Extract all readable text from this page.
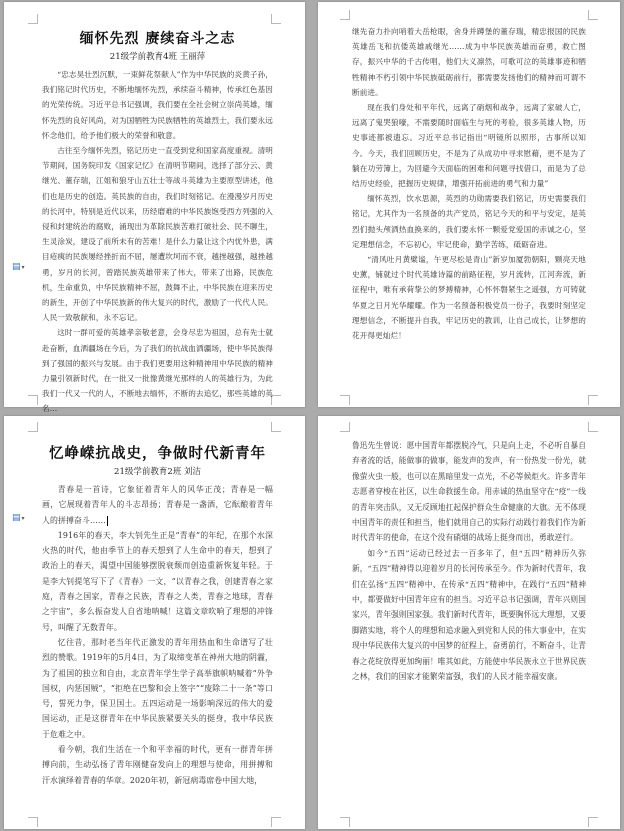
缅怀先烈 赓续奋斗之志
21级学前教育4班 王丽萍

“忠志昊壮烈沉默，一束鲜花祭献人”作为中华民族的炎黄子孙，我们铭记时代历史，不断地缅怀先烈，承续奋斗精神，传承红色基因的光荣传统。习近平总书记强调，我们要在全社会树立崇尚英雄，缅怀先烈的良好风尚，对为国牺牲为民族牺牲的英雄烈士，我们要永远怀念他们，给予他们极大的荣誉和敬意。

古往至今缅怀先烈，铭记历史一直受到党和国家高度重视。清明节期间，国务院印发《国家记忆》在清明节期间，选择了部分云、黄继光、董存瑞，江姐和狼牙山五壮士等战斗英雄为主要原型讲述，他们也是历史的创造。英民族的自由，我们时刻铭记。在漫漫岁月历史的长河中，特别是近代以来，历经磨难的中华民族饱受西方列强的入侵和封建统治的腐败，涌现出为革除民族苦难打破社会、民不聊生，生灵涂炭，建设了前所未有的苦难！是什么力量让这个内忧外患，满目疮痍的民族屡经挫折而不屈，屡遭坎坷而不衰，越挫越强，越挫越勇，岁月的长河，曾踏民族英雄带来了伟大，带来了出路，民族危机，生命重负，中华民族精神不屈，鼓舞不止，中华民族在迎来历史的新生，开创了中华民族新的伟大复兴的时代，激励了一代代人民。人民一致敬献和，永不忘记。

这时一群可爱的英雄孝亲敬老意，会身尽忠为祖国，总有先士就赴奋断，血洒疆场在今后，为了我们的抗战血洒疆场，使中华民族得到了强国的振兴与发展。由于我们更要用这种精神用中华民族的精神力量引领新时代，在一批又一批像黄继光那样的人的英雄行为，为此我们一代又一代的人，不断地去缅怀，不断的去追忆，那些英雄的英名...

▤▾

继先奋力扑向哨着大岳枪眼，舍身并蹲堡的董存瑞，精忠报国的民族英雄岳飞和抗倭英雄戚继光……成为中华民族英雄而奋勇，救亡图存，振兴中华的千古传唱，他们大义凛然，可歌可泣的英雄事迹和牺牲精神不朽引领中华民族砥砺前行，都需要发扬他们的精神而可谓不断前进。

现在我们身处和平年代，远离了硝烟和战争，远离了家破人亡，远离了鬼哭狼嚎，不需要随时面临生与死的考验，很多英雄人物，历史事迹都被遗忘。习近平总书记指出“明镜所以照形，古事所以知今。今天，我们回顾历史，不是为了从成功中寻求慰藉，更不是为了躺在功劳簿上，为回避今天面临的困难和问题寻找借口，而是为了总结历史经验，把握历史规律，增强开拓前进的勇气和力量”

缅怀英烈，饮水思源，英烈的功勋需要我们铭记，历史需要我们铭记，尤其作为一名预备的共产党员，铭记今天的和平与安定，是英烈们抛头颅洒热血换来的，我们要永怀一颗爱党爱国的赤诚之心，坚定理想信念，不忘初心，牢记使命，勤学苦练，砥砺奋进。

“清风吐月黄檗谧，午更尽松是青山”新岁加厦勃朝阳，颗亮天地史薰，铺就过个时代英雄诗篇的前路征程，岁月流转，江河奔流，新征程中，唯有承荷挚公的梦搏精神，心怀怀磐紧生之遥强，方可铸就华夏之日月光华耀耀。作为一名预备积极党员一份子，我要时刻坚定理想信念，不断提升自我，牢记历史的教训，让自己成长，让梦想的花开得更灿烂！

忆峥嵘抗战史，争做时代新青年
21级学前教育2班 刘洁

青春是一首诗，它象征着青年人的风华正茂；青春是一幅画，它展现着青年人的斗志昂扬；青春是一盏酒，它酝酿着青年人的拼搏奋斗……

1916年的春天，李大钊先生正是“青春”的年纪，在那个水深火热的时代，他由季节上的春天想到了人生命中的春天，想到了政治上的春天，渴望中国能够摆脱衰颓而创造重新恢复年轻。于是李大钊提笔写下了《青春》一文，“以青春之我，创建青春之家庭，青春之国家，青春之民族，青春之人类，青春之地球，青春之宇宙”，多么振奋发人自省地呐喊！这篇文章吹响了理想的冲锋号，叫醒了无数青年。

忆往昔，那时老当年代正激发的青年用热血和生命谱写了壮烈的赞歌。1919年的5月4日，为了取缔变革在神州大地的阴霾，为了祖国的独立和自由，北京青年学生学子高举旗帜呐喊着“外争国权，内惩国贼”，“拒绝在巴黎和会上签字”“废除二十一条”等口号，誓死力争，保卫国土。五四运动是一场影响深远的伟大的爱国运动，正是这群青年在中华民族紧要关头的挺身，我中华民族于危难之中。

看今朝，我们生活在一个和平幸福的时代，更有一群青年拼搏向前，生动弘扬了青年刚健奋发向上的理想与使命，用拼搏和汗水演绎着青春的华章。2020年初，新冠病毒席卷中国大地，

▤▾

鲁迅先生曾说：愿中国青年都摆脱冷气，只是向上走，不必听自暴自弃者流的话，能做事的做事，能发声的发声，有一份热发一份光，就像萤火虫一般，也可以在黑暗里发一点光，不必等候炬火。许多青年志愿者穿梭在社区，以生命救援生命。用赤诚的热血坚守在“疫”一线的青年突击队，又无反顾地扛起保护群众生命健康的大旗。无不体现中国青年的责任和担当，他们就用自己的实际行动践行着我们作为新时代青年的使命，在这个没有硝烟的战场上挺身而出，勇敢逆行。

如今“五四”运动已经过去一百多年了，但“五四”精神历久弥新，“五四”精神得以迎着岁月的长河传承至今。作为新时代青年，我们在弘扬“五四”精神中、在传承“五四”精神中，在践行“五四”精神中，都要做好中国青年应有的担当。习近平总书记强调，青年兴则国家兴，青年强则国家强。我们新时代青年，既要胸怀远大理想，又要脚踏实地，将个人的理想和追求融入到党和人民的伟大事业中，在实现中华民族伟大复兴的中国梦的征程上，奋勇前行，不断奋斗，让青春之花绽放得更加绚丽！唯其如此，方能使中华民族永立于世界民族之林，我们的国家才能繁荣富强，我们的人民才能幸福安康。
